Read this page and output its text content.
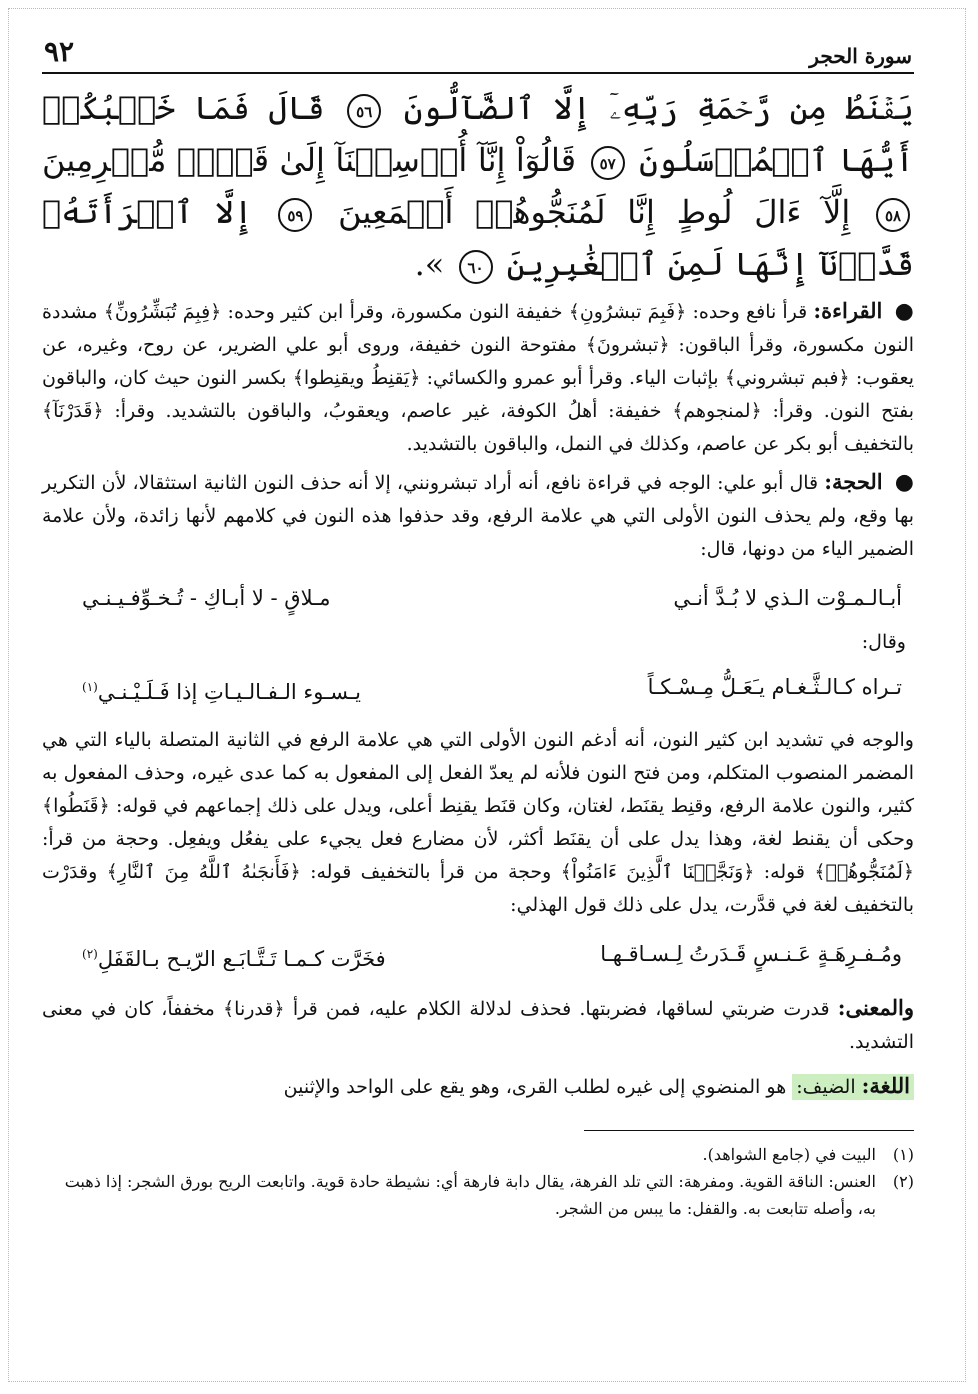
سورة الحجر
٩٢
يَقۡنَطُ مِن رَّحۡمَةِ رَبِّهِۦٓ إِلَّا ٱلضَّآلُّونَ ٥٦ قَالَ فَمَا خَطۡبُكُمۡ أَيُّهَا ٱلۡمُرۡسَلُونَ ٥٧ قَالُوٓاْ إِنَّآ أُرۡسِلۡنَآ إِلَىٰ قَوۡمٖ مُّجۡرِمِينَ ٥٨ إِلَّآ ءَالَ لُوطٍ إِنَّا لَمُنَجُّوهُمۡ أَجۡمَعِينَ ٥٩ إِلَّا ٱمۡرَأَتَهُۥ قَدَّرۡنَآ إِنَّهَا لَمِنَ ٱلۡغَٰبِرِينَ ٦٠ ».
● القراءة: قرأ نافع وحده: ﴿فَبِمَ تبشرُونِ﴾ خفيفة النون مكسورة، وقرأ ابن كثير وحده: ﴿فِبِمَ تُبَشِّرُونِّ﴾ مشددة النون مكسورة، وقرأ الباقون: ﴿تبشرونَ﴾ مفتوحة النون خفيفة، وروى أبو علي الضرير، عن روح، وغيره، عن يعقوب: ﴿فبم تبشروني﴾ بإثبات الياء. وقرأ أبو عمرو والكسائي: ﴿يَقنِطُ ويقنِطوا﴾ بكسر النون حيث كان، والباقون بفتح النون. وقرأ: ﴿لمنجوهم﴾ خفيفة: أهلُ الكوفة، غير عاصم، ويعقوبُ، والباقون بالتشديد. وقرأ: ﴿قَدَرْنَآ﴾ بالتخفيف أبو بكر عن عاصم، وكذلك في النمل، والباقون بالتشديد.
● الحجة: قال أبو علي: الوجه في قراءة نافع، أنه أراد تبشرونني، إلا أنه حذف النون الثانية استثقالا، لأن التكرير بها وقع، ولم يحذف النون الأولى التي هي علامة الرفع، وقد حذفوا هذه النون في كلامهم لأنها زائدة، ولأن علامة الضمير الياء من دونها، قال:
أبـالـمـوْت الـذي لا بُـدَّ أنـي
مـلاقٍ - لا أبـاكِ - تُـخـوِّفـيـنـي
وقال:
تـراه كـالـثَّـغـام يـَعَـلُّ مِـسْـكـاً
يـسـوء الـفـالـيـاتِ إذا فَـلَـيْـنـي$^{(١)}$
والوجه في تشديد ابن كثير النون، أنه أدغم النون الأولى التي هي علامة الرفع في الثانية المتصلة بالياء التي هي المضمر المنصوب المتكلم، ومن فتح النون فلأنه لم يعدّ الفعل إلى المفعول به كما عدى غيره، وحذف المفعول به كثير، والنون علامة الرفع، وقنِط يقنَط، لغتان، وكان قنَط يقنِط أعلى، ويدل على ذلك إجماعهم في قوله: ﴿قَنَطُوا﴾ وحكى أن يقنط لغة، وهذا يدل على أن يقنَط أكثر، لأن مضارع فعل يجيء على يفعُل ويفعِل. وحجة من قرأ: ﴿لَمُنَجُّوهُمۡ﴾ قوله: ﴿وَنَجَّيۡنَا ٱلَّذِينَ ءَامَنُواْ﴾ وحجة من قرأ بالتخفيف قوله: ﴿فَأَنجَىٰهُ ٱللَّهُ مِنَ ٱلنَّارِ﴾ وقدَرْت بالتخفيف لغة في قدَّرت، يدل على ذلك قول الهذلي:
ومُـفـرِهَـةٍ عَـنـسٍ قَـدَرتُ لِـسـاقـهـا
فخَرَّت كـمـا تَـتَّـابَـع الرّيـح بـالقَفَلِ$^{(٢)}$
والمعنى: قدرت ضربتي لساقها، فضربتها. فحذف لدلالة الكلام عليه، فمن قرأ ﴿قدرنا﴾ مخففاً، كان في معنى التشديد.
اللغة: الضيف: هو المنضوي إلى غيره لطلب القرى، وهو يقع على الواحد والإثنين
(١)
البيت في (جامع الشواهد).
(٢)
العنس: الناقة القوية. ومفرهة: التي تلد الفرهة، يقال دابة فارهة أي: نشيطة حادة قوية. واتابعت الريح بورق الشجر: إذا ذهبت به، وأصله تتابعت به. والقفل: ما يبس من الشجر.
